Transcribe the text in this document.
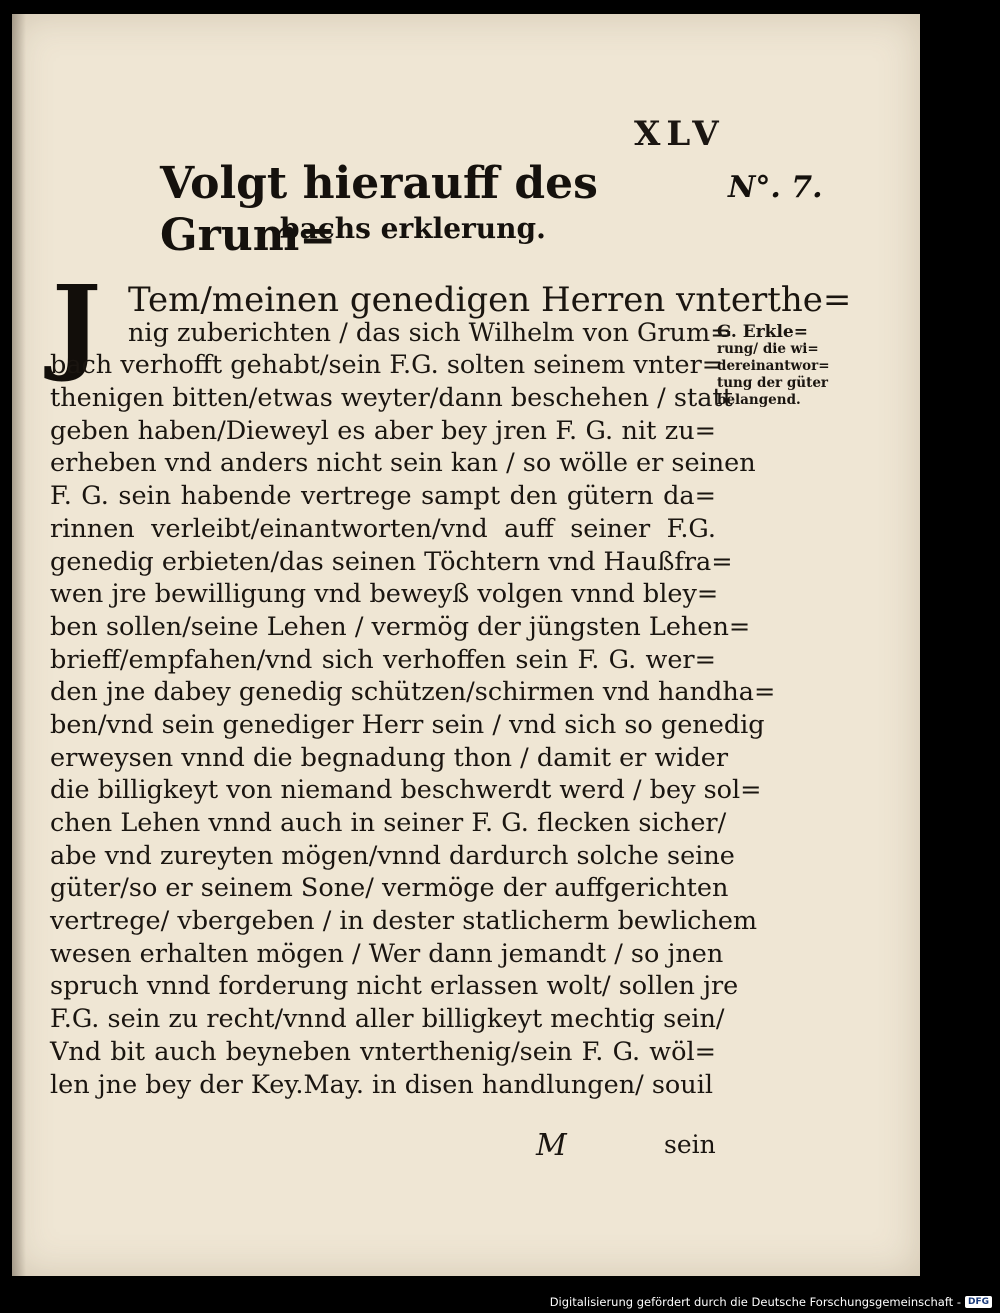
XLV
Volgt hierauff des Grum=
bachs erklerung.
N°. 7.
J Tem/meinen genedigen Herren vnterthe=
nig zuberichten / das sich Wilhelm von Grum=
bach verhofft gehabt/sein F.G. solten seinem vnter=
thenigen bitten/etwas weyter/dann beschehen / statt
geben haben/Dieweyl es aber bey jren F. G. nit zu=
erheben vnd anders nicht sein kan / so wölle er seinen
F. G. sein habende vertrege sampt den gütern da=
rinnen verleibt/einantworten/vnd auff seiner F.G.
genedig erbieten/das seinen Töchtern vnd Haußfra=
wen jre bewilligung vnd beweyß volgen vnnd bley=
ben sollen/seine Lehen / vermög der jüngsten Lehen=
brieff/empfahen/vnd sich verhoffen sein F. G. wer=
den jne dabey genedig schützen/schirmen vnd handha=
ben/vnd sein genediger Herr sein / vnd sich so genedig
erweysen vnnd die begnadung thon / damit er wider
die billigkeyt von niemand beschwerdt werd / bey sol=
chen Lehen vnnd auch in seiner F. G. flecken sicher/
abe vnd zureyten mögen/vnnd dardurch solche seine
güter/so er seinem Sone/ vermöge der auffgerichten
vertrege/ vbergeben / in dester statlicherm bewlichem
wesen erhalten mögen / Wer dann jemandt / so jnen
spruch vnnd forderung nicht erlassen wolt/ sollen jre
F.G. sein zu recht/vnnd aller billigkeyt mechtig sein/
Vnd bit auch beyneben vnterthenig/sein F. G. wöl=
len jne bey der Key.May. in disen handlungen/ souil
G. Erkle=
rung/ die wi=
dereinantwor=
tung der güter
belangend.
M	sein
Digitalisierung gefördert durch die Deutsche Forschungsgemeinschaft - DFG
